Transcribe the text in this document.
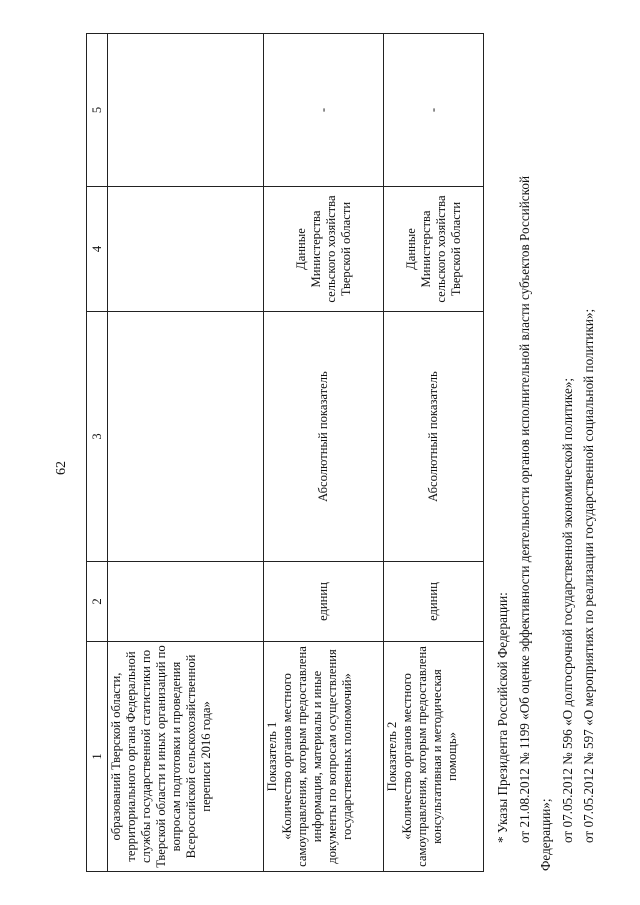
62
1	2	3	4	5
образований Тверской области, территориального органа Федеральной службы государственной статистики по Тверской области и иных организаций по вопросам подготовки и проведения Всероссийской сельскохозяйственной переписи 2016 года»				

Показатель 1 «Количество органов местного самоуправления, которым предоставлена информация, материалы и иные документы по вопросам осуществления государственных полномочий»	единиц	Абсолютный показатель	Данные Министерства сельского хозяйства Тверской области	-

Показатель 2 «Количество органов местного самоуправления, которым предоставлена консультативная и методическая помощь»	единиц	Абсолютный показатель	Данные Министерства сельского хозяйства Тверской области	-
* Указы Президента Российской Федерации: от 21.08.2012 № 1199 «Об оценке эффективности деятельности органов исполнительной власти субъектов Российской Федерации»; от 07.05.2012 № 596 «О долгосрочной государственной экономической политике»; от 07.05.2012 № 597 «О мероприятиях по реализации государственной социальной политики»;
